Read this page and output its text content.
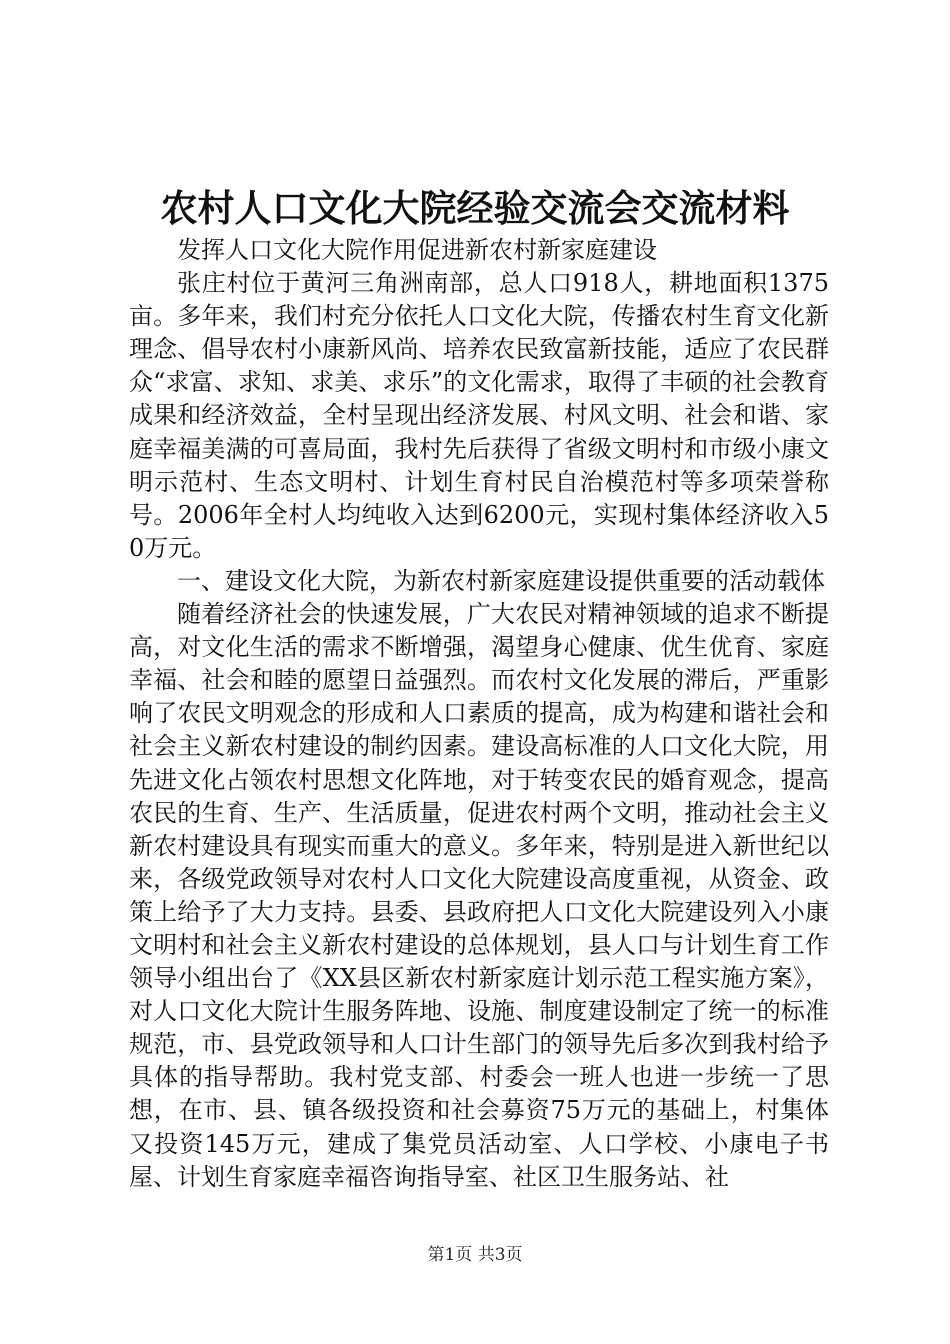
农村人口文化大院经验交流会交流材料

发挥人口文化大院作用促进新农村新家庭建设

张庄村位于黄河三角洲南部，总人口918人，耕地面积1375亩。多年来，我们村充分依托人口文化大院，传播农村生育文化新理念、倡导农村小康新风尚、培养农民致富新技能，适应了农民群众“求富、求知、求美、求乐”的文化需求，取得了丰硕的社会教育成果和经济效益，全村呈现出经济发展、村风文明、社会和谐、家庭幸福美满的可喜局面，我村先后获得了省级文明村和市级小康文明示范村、生态文明村、计划生育村民自治模范村等多项荣誉称号。2006年全村人均纯收入达到6200元，实现村集体经济收入50万元。

一、建设文化大院，为新农村新家庭建设提供重要的活动载体

随着经济社会的快速发展，广大农民对精神领域的追求不断提高，对文化生活的需求不断增强，渴望身心健康、优生优育、家庭幸福、社会和睦的愿望日益强烈。而农村文化发展的滞后，严重影响了农民文明观念的形成和人口素质的提高，成为构建和谐社会和社会主义新农村建设的制约因素。建设高标准的人口文化大院，用先进文化占领农村思想文化阵地，对于转变农民的婚育观念，提高农民的生育、生产、生活质量，促进农村两个文明，推动社会主义新农村建设具有现实而重大的意义。多年来，特别是进入新世纪以来，各级党政领导对农村人口文化大院建设高度重视，从资金、政策上给予了大力支持。县委、县政府把人口文化大院建设列入小康文明村和社会主义新农村建设的总体规划，县人口与计划生育工作领导小组出台了《XX县区新农村新家庭计划示范工程实施方案》，对人口文化大院计生服务阵地、设施、制度建设制定了统一的标准规范，市、县党政领导和人口计生部门的领导先后多次到我村给予具体的指导帮助。我村党支部、村委会一班人也进一步统一了思想，在市、县、镇各级投资和社会募资75万元的基础上，村集体又投资145万元，建成了集党员活动室、人口学校、小康电子书屋、计划生育家庭幸福咨询指导室、社区卫生服务站、社

第1页 共3页
